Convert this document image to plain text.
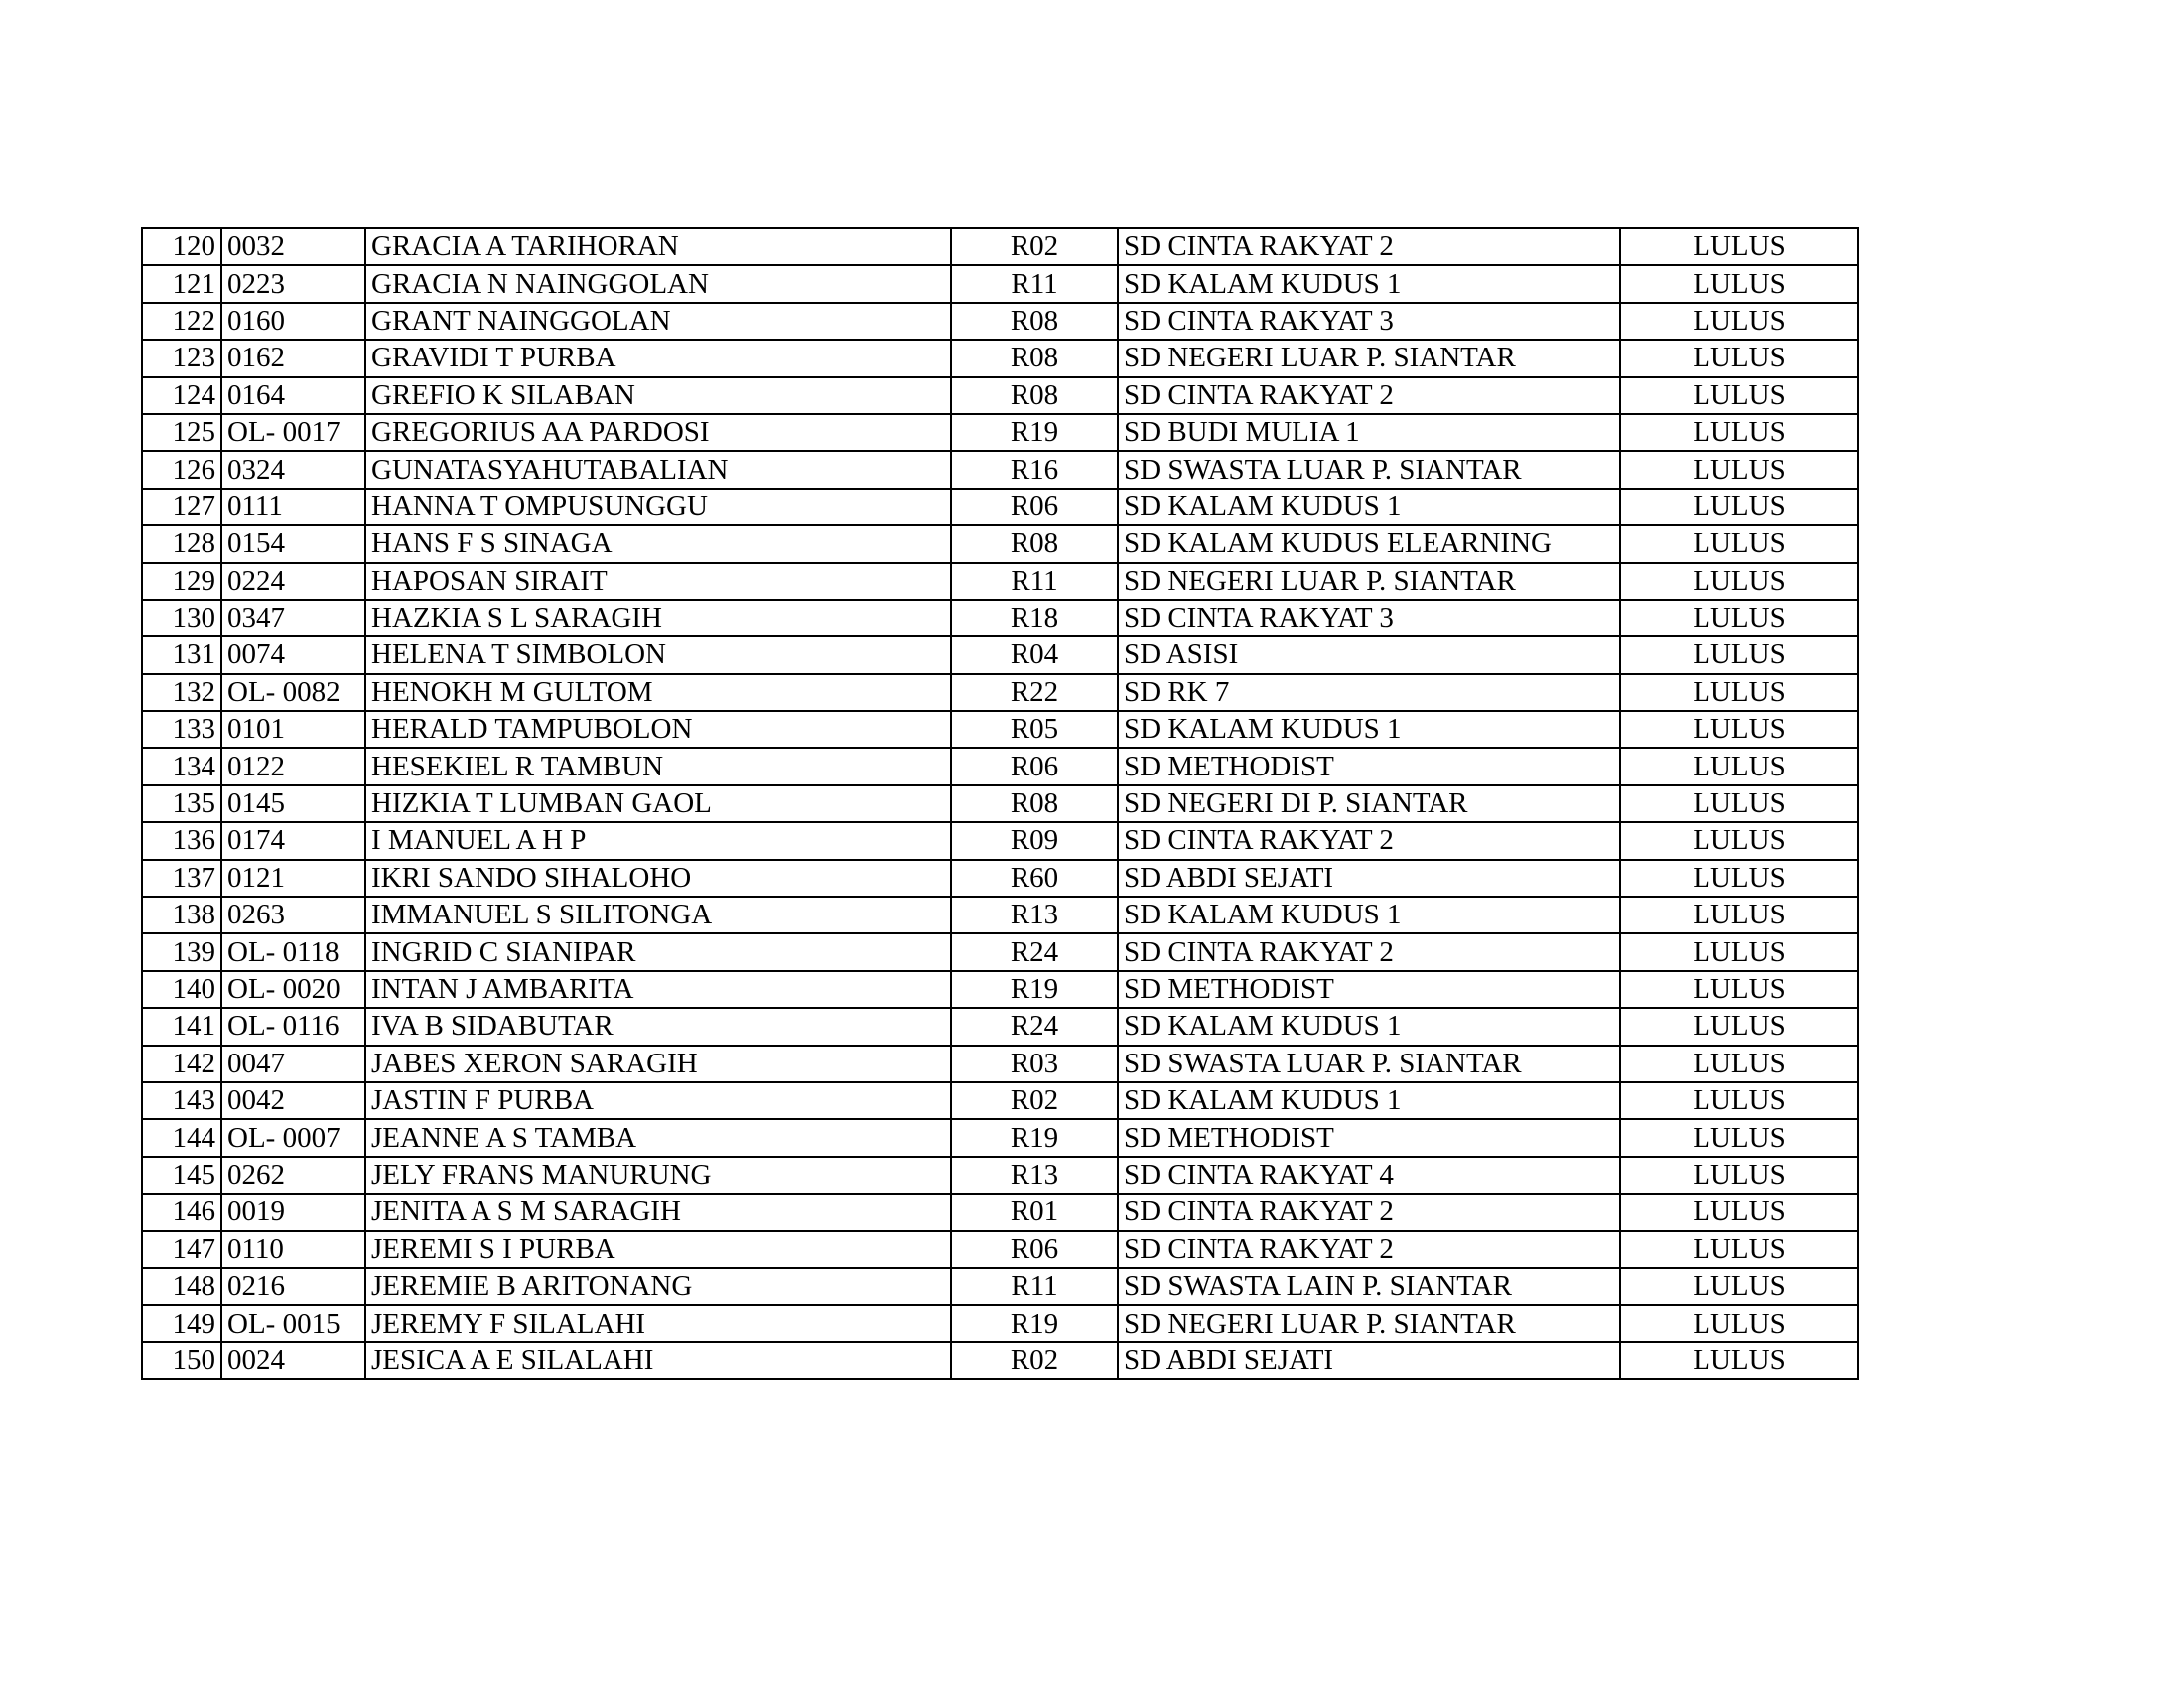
120	0032	GRACIA A TARIHORAN	R02	SD CINTA RAKYAT 2	LULUS
121	0223	GRACIA N NAINGGOLAN	R11	SD KALAM KUDUS 1	LULUS
122	0160	GRANT NAINGGOLAN	R08	SD CINTA RAKYAT 3	LULUS
123	0162	GRAVIDI T PURBA	R08	SD NEGERI LUAR P. SIANTAR	LULUS
124	0164	GREFIO K SILABAN	R08	SD CINTA RAKYAT 2	LULUS
125	OL- 0017	GREGORIUS AA PARDOSI	R19	SD BUDI MULIA 1	LULUS
126	0324	GUNATASYAHUTABALIAN	R16	SD SWASTA LUAR P. SIANTAR	LULUS
127	0111	HANNA T OMPUSUNGGU	R06	SD KALAM KUDUS 1	LULUS
128	0154	HANS F S SINAGA	R08	SD KALAM KUDUS ELEARNING	LULUS
129	0224	HAPOSAN SIRAIT	R11	SD NEGERI LUAR P. SIANTAR	LULUS
130	0347	HAZKIA S L SARAGIH	R18	SD CINTA RAKYAT 3	LULUS
131	0074	HELENA T SIMBOLON	R04	SD ASISI	LULUS
132	OL- 0082	HENOKH M GULTOM	R22	SD RK 7	LULUS
133	0101	HERALD TAMPUBOLON	R05	SD KALAM KUDUS 1	LULUS
134	0122	HESEKIEL R TAMBUN	R06	SD METHODIST	LULUS
135	0145	HIZKIA T LUMBAN GAOL	R08	SD NEGERI DI P. SIANTAR	LULUS
136	0174	I MANUEL A H P	R09	SD CINTA RAKYAT 2	LULUS
137	0121	IKRI SANDO SIHALOHO	R60	SD ABDI SEJATI	LULUS
138	0263	IMMANUEL S SILITONGA	R13	SD KALAM KUDUS 1	LULUS
139	OL- 0118	INGRID C SIANIPAR	R24	SD CINTA RAKYAT 2	LULUS
140	OL- 0020	INTAN J AMBARITA	R19	SD METHODIST	LULUS
141	OL- 0116	IVA B SIDABUTAR	R24	SD KALAM KUDUS 1	LULUS
142	0047	JABES XERON SARAGIH	R03	SD SWASTA LUAR P. SIANTAR	LULUS
143	0042	JASTIN F PURBA	R02	SD KALAM KUDUS 1	LULUS
144	OL- 0007	JEANNE A S TAMBA	R19	SD METHODIST	LULUS
145	0262	JELY FRANS MANURUNG	R13	SD CINTA RAKYAT 4	LULUS
146	0019	JENITA A S M SARAGIH	R01	SD CINTA RAKYAT 2	LULUS
147	0110	JEREMI S I PURBA	R06	SD CINTA RAKYAT 2	LULUS
148	0216	JEREMIE B ARITONANG	R11	SD SWASTA LAIN P. SIANTAR	LULUS
149	OL- 0015	JEREMY F SILALAHI	R19	SD NEGERI LUAR P. SIANTAR	LULUS
150	0024	JESICA A E SILALAHI	R02	SD ABDI SEJATI	LULUS
